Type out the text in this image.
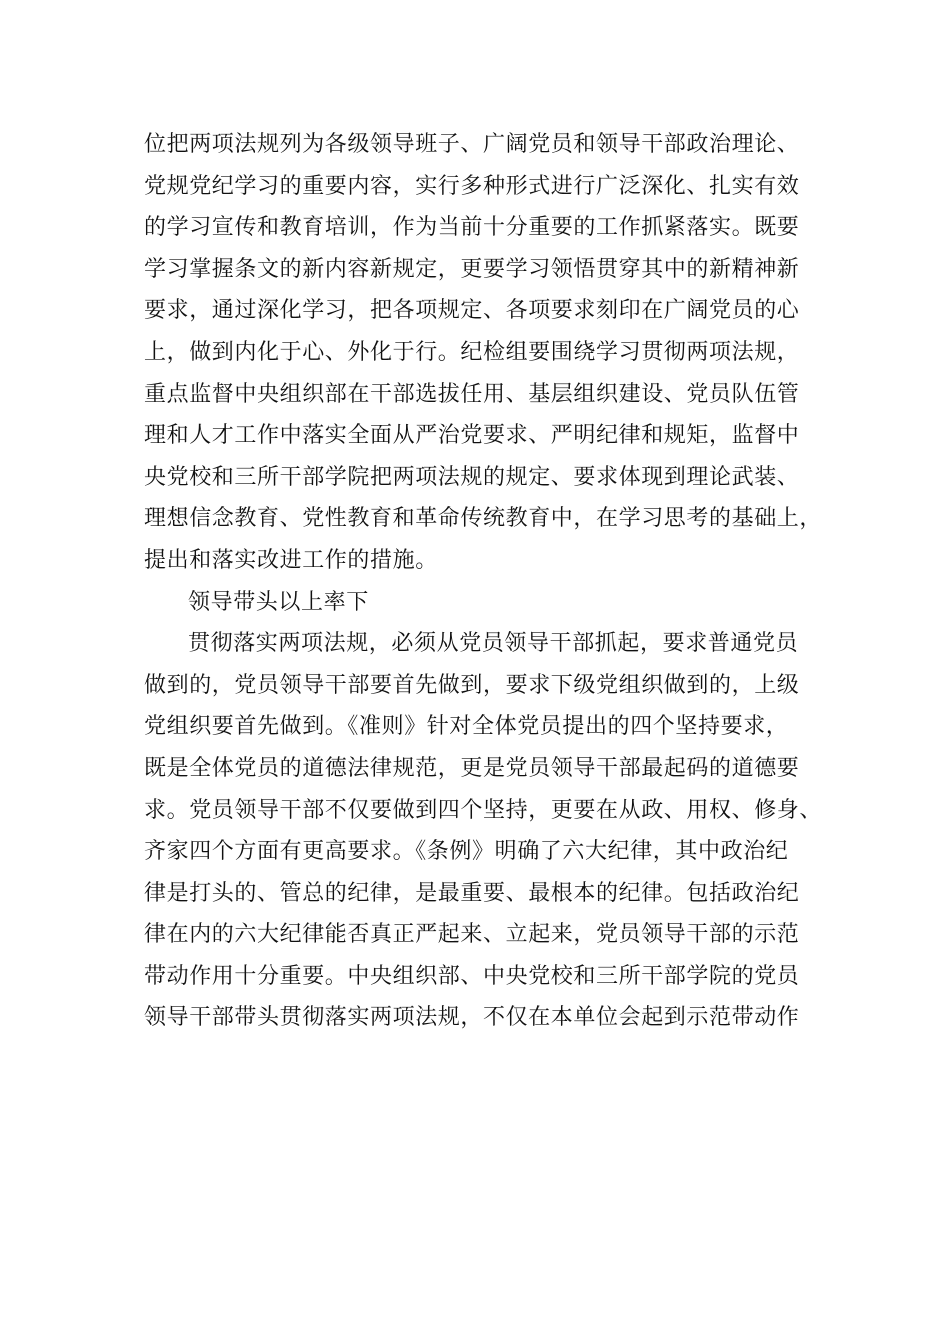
位把两项法规列为各级领导班子、广阔党员和领导干部政治理论、
党规党纪学习的重要内容，实行多种形式进行广泛深化、扎实有效
的学习宣传和教育培训，作为当前十分重要的工作抓紧落实。既要
学习掌握条文的新内容新规定，更要学习领悟贯穿其中的新精神新
要求，通过深化学习，把各项规定、各项要求刻印在广阔党员的心
上，做到内化于心、外化于行。纪检组要围绕学习贯彻两项法规，
重点监督中央组织部在干部选拔任用、基层组织建设、党员队伍管
理和人才工作中落实全面从严治党要求、严明纪律和规矩，监督中
央党校和三所干部学院把两项法规的规定、要求体现到理论武装、
理想信念教育、党性教育和革命传统教育中，在学习思考的基础上，
提出和落实改进工作的措施。
领导带头以上率下
贯彻落实两项法规，必须从党员领导干部抓起，要求普通党员
做到的，党员领导干部要首先做到，要求下级党组织做到的，上级
党组织要首先做到。《准则》针对全体党员提出的四个坚持要求，
既是全体党员的道德法律规范，更是党员领导干部最起码的道德要
求。党员领导干部不仅要做到四个坚持，更要在从政、用权、修身、
齐家四个方面有更高要求。《条例》明确了六大纪律，其中政治纪
律是打头的、管总的纪律，是最重要、最根本的纪律。包括政治纪
律在内的六大纪律能否真正严起来、立起来，党员领导干部的示范
带动作用十分重要。中央组织部、中央党校和三所干部学院的党员
领导干部带头贯彻落实两项法规，不仅在本单位会起到示范带动作
